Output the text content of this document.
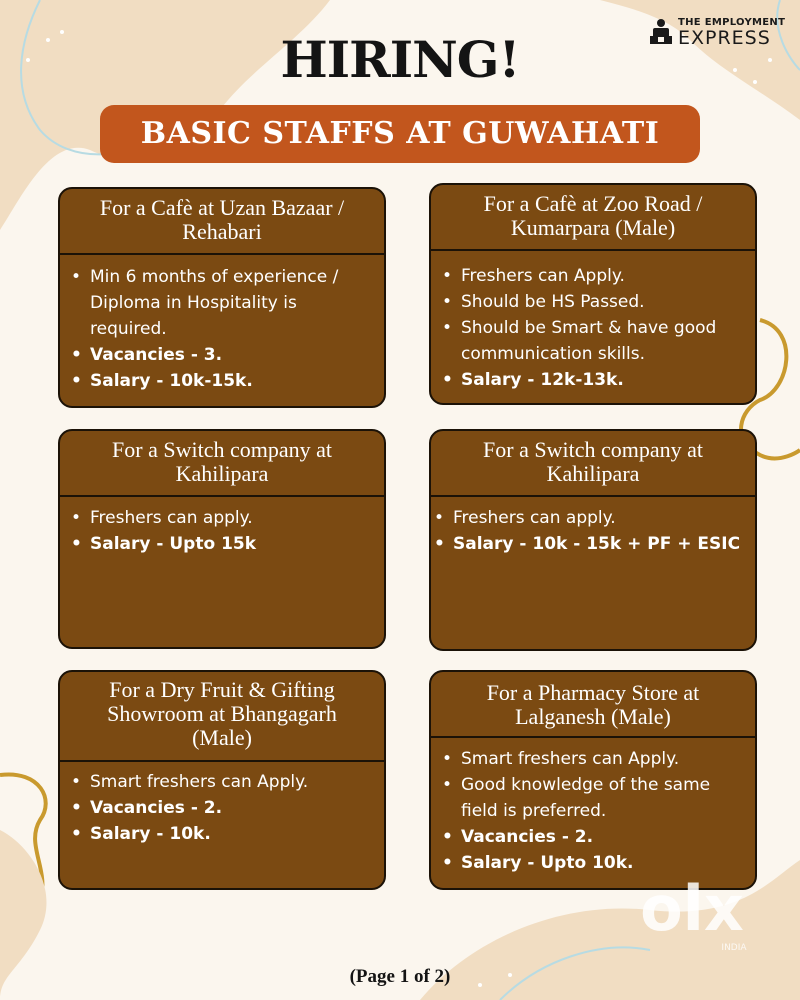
THE EMPLOYMENT
EXPRESS
HIRING!
BASIC STAFFS AT GUWAHATI
For a Cafè at Uzan Bazaar /
Rehabari
• Min 6 months of experience /
Diploma in Hospitality is
required.
• Vacancies - 3.
• Salary - 10k-15k.
For a Cafè at Zoo Road /
Kumarpara (Male)
• Freshers can Apply.
• Should be HS Passed.
• Should be Smart & have good
communication skills.
• Salary - 12k-13k.
For a Switch company at
Kahilipara
• Freshers can apply.
• Salary - Upto 15k
For a Switch company at
Kahilipara
• Freshers can apply.
• Salary - 10k - 15k + PF + ESIC
For a Dry Fruit & Gifting
Showroom at Bhangagarh
(Male)
• Smart freshers can Apply.
• Vacancies - 2.
• Salary - 10k.
For a Pharmacy Store at
Lalganesh (Male)
• Smart freshers can Apply.
• Good knowledge of the same
field is preferred.
• Vacancies - 2.
• Salary - Upto 10k.
olx
INDIA
(Page 1 of 2)
